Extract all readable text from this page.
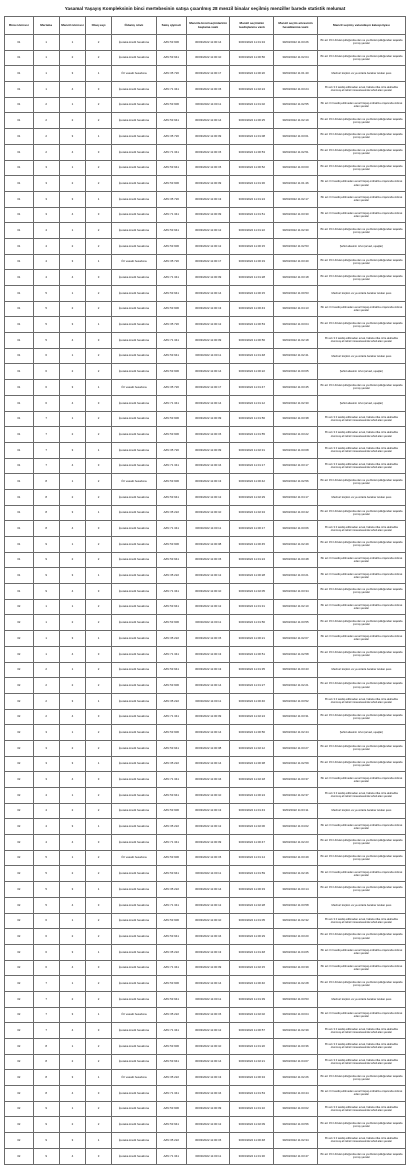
Yasamal Yaşayış Kompleksinin binci mərtəbəsinin satışa çıxarılmış 28 mənzil binalar seçilmiş mənzillər barədə statistik məlumat
Bina nömrəsi	Mərtəbə	Mənzil nömrəsi	Otaq sayı	Ödəniş növü	Satış qiyməti	Mənzilə bron/seçimlərinin başlama vaxtı	Mənzil seçiminin təsdiqlənmə vaxtı	Mənzil seçim ərizəsinin hesablanma vaxtı	Mənzil seçmiş vətəndaşın kateqoriyası
31	1	1	2	İpoteka kredit hesabına	AZN 53 906	30/03/2022 11:00:14	30/03/2022 11:01:34	30/03/2022 11:03:26	Ən azı 15 il dövlət qulluğunda olan və ya dövlət qulluğundan təqaüdə çıxmış şəxslər
31	1	2	2	İpoteka kredit hesabına	AZN 53 941	30/03/2022 11:00:10	30/03/2022 11:00:56	30/03/2022 11:02:04	Ən azı 15 il dövlət qulluğunda olan və ya dövlət qulluğundan təqaüdə çıxmış şəxslər
31	1	3	1	Öz vəsaiti hesabına	AZN 35 720	30/03/2022 11:00:17	30/03/2022 11:00:20	30/03/2022 11:01:40	Məcburi köçkün və ya onlarla bərabər tutulan şəxs
31	1	4	3	İpoteka kredit hesabına	AZN 71 341	30/03/2022 11:00:15	30/03/2022 11:02:24	30/03/2022 11:03:24	Ən azı 3 il təsdiq edilmədən əvvəl, habelə ölkə üzrə akkreditə olunmuş ali təhsil müəssisəsində təhsil alan şəxslər
31	2	1	2	İpoteka kredit hesabına	AZN 53 906	30/03/2022 11:00:11	30/03/2022 11:01:02	30/03/2022 11:02:55	Ən azı 3 il təsdiq edilmədən əvvəl hüquq-mühafizə orqanında xidmət edən şəxslər
31	2	2	2	İpoteka kredit hesabına	AZN 53 941	30/03/2022 11:00:14	30/03/2022 11:00:25	30/03/2022 11:02:19	Ən azı 15 il dövlət qulluğunda olan və ya dövlət qulluğundan təqaüdə çıxmış şəxslər
31	2	3	1	İpoteka kredit hesabına	AZN 35 720	30/03/2022 11:00:09	30/03/2022 11:01:08	30/03/2022 11:03:01	Ən azı 15 il dövlət qulluğunda olan və ya dövlət qulluğundan təqaüdə çıxmış şəxslər
31	2	4	3	İpoteka kredit hesabına	AZN 71 341	30/03/2022 11:00:15	30/03/2022 11:00:53	30/03/2022 11:02:51	Ən azı 15 il dövlət qulluğunda olan və ya dövlət qulluğundan təqaüdə çıxmış şəxslər
31	3	1	2	İpoteka kredit hesabına	AZN 53 941	30/03/2022 11:00:15	30/03/2022 11:00:52	30/03/2022 11:03:00	Ən azı 15 il dövlət qulluğunda olan və ya dövlət qulluğundan təqaüdə çıxmış şəxslər
31	3	2	2	İpoteka kredit hesabına	AZN 53 906	30/03/2022 11:00:09	30/03/2022 11:01:36	30/03/2022 11:01:46	Ən azı 3 il təsdiq edilmədən əvvəl hüquq-mühafizə orqanında xidmət edən şəxslər
31	3	3	1	İpoteka kredit hesabına	AZN 35 720	30/03/2022 11:00:13	30/03/2022 11:01:24	30/03/2022 11:02:17	Ən azı 3 il təsdiq edilmədən əvvəl hüquq-mühafizə orqanında xidmət edən şəxslər
31	3	4	3	İpoteka kredit hesabına	AZN 71 341	30/03/2022 11:00:09	30/03/2022 11:01:51	30/03/2022 11:03:30	Ən azı 3 il təsdiq edilmədən əvvəl hüquq-mühafizə orqanında xidmət edən şəxslər
31	4	1	2	İpoteka kredit hesabına	AZN 53 941	30/03/2022 11:00:12	30/03/2022 11:01:22	30/03/2022 11:02:30	Ən azı 15 il dövlət qulluğunda olan və ya dövlət qulluğundan təqaüdə çıxmış şəxslər
31	4	2	2	İpoteka kredit hesabına	AZN 53 906	30/03/2022 11:00:12	30/03/2022 11:00:15	30/03/2022 11:02:53	Şəhid ailəsinin üzvü (arvad, uşaqlar)
31	4	3	1	Öz vəsaiti hesabına	AZN 35 720	30/03/2022 11:00:17	30/03/2022 11:00:19	30/03/2022 11:03:40	Ən azı 15 il dövlət qulluğunda olan və ya dövlət qulluğundan təqaüdə çıxmış şəxslər
31	4	4	3	İpoteka kredit hesabına	AZN 71 341	30/03/2022 11:00:09	30/03/2022 11:01:28	30/03/2022 11:03:18	Ən azı 15 il dövlət qulluğunda olan və ya dövlət qulluğundan təqaüdə çıxmış şəxslər
31	5	1	2	İpoteka kredit hesabına	AZN 53 941	30/03/2022 11:00:14	30/03/2022 11:00:15	30/03/2022 11:00:53	Məcburi köçkün və ya onlarla bərabər tutulan şəxs
31	5	2	2	İpoteka kredit hesabına	AZN 53 906	30/03/2022 11:00:13	30/03/2022 11:00:43	30/03/2022 11:04:13	Ən azı 3 il təsdiq edilmədən əvvəl hüquq-mühafizə orqanında xidmət edən şəxslər
31	5	3	1	İpoteka kredit hesabına	AZN 35 720	30/03/2022 11:00:12	30/03/2022 11:00:53	30/03/2022 11:03:04	Ən azı 15 il dövlət qulluğunda olan və ya dövlət qulluğundan təqaüdə çıxmış şəxslər
31	5	4	3	İpoteka kredit hesabına	AZN 71 341	30/03/2022 11:00:09	30/03/2022 11:00:56	30/03/2022 11:02:18	Ən azı 3 il təsdiq edilmədən əvvəl, habelə ölkə üzrə akkreditə olunmuş ali təhsil müəssisəsində təhsil alan şəxslər
31	6	1	2	İpoteka kredit hesabına	AZN 53 941	30/03/2022 11:00:11	30/03/2022 11:01:48	30/03/2022 11:02:41	Məcburi köçkün və ya onlarla bərabər tutulan şəxs
31	6	2	2	İpoteka kredit hesabına	AZN 53 906	30/03/2022 11:00:14	30/03/2022 11:00:22	30/03/2022 11:03:05	Şəhid ailəsinin üzvü (arvad, uşaqlar)
31	6	3	1	Öz vəsaiti hesabına	AZN 35 720	30/03/2022 11:00:17	30/03/2022 11:01:47	30/03/2022 11:03:45	Ən azı 15 il dövlət qulluğunda olan və ya dövlət qulluğundan təqaüdə çıxmış şəxslər
31	6	4	3	İpoteka kredit hesabına	AZN 71 341	30/03/2022 11:00:14	30/03/2022 11:01:12	30/03/2022 11:02:30	Şəhid ailəsinin üzvü (arvad, uşaqlar)
31	7	1	2	İpoteka kredit hesabına	AZN 53 906	30/03/2022 11:00:09	30/03/2022 11:01:56	30/03/2022 11:03:38	Ən azı 3 il təsdiq edilmədən əvvəl, habelə ölkə üzrə akkreditə olunmuş ali təhsil müəssisəsində təhsil alan şəxslər
31	7	2	2	İpoteka kredit hesabına	AZN 53 906	30/03/2022 11:00:15	30/03/2022 11:01:55	30/03/2022 11:03:22	Ən azı 3 il təsdiq edilmədən əvvəl, habelə ölkə üzrə akkreditə olunmuş ali təhsil müəssisəsində təhsil alan şəxslər
31	7	3	1	İpoteka kredit hesabına	AZN 35 720	30/03/2022 11:00:09	30/03/2022 11:02:31	30/03/2022 11:03:08	Ən azı 3 il təsdiq edilmədən əvvəl, habelə ölkə üzrə akkreditə olunmuş ali təhsil müəssisəsində təhsil alan şəxslər
31	7	4	3	İpoteka kredit hesabına	AZN 71 341	30/03/2022 11:00:16	30/03/2022 11:01:17	30/03/2022 11:03:17	Ən azı 3 il təsdiq edilmədən əvvəl, habelə ölkə üzrə akkreditə olunmuş ali təhsil müəssisəsində təhsil alan şəxslər
31	8	1	2	Öz vəsaiti hesabına	AZN 53 906	30/03/2022 11:00:13	30/03/2022 11:00:42	30/03/2022 11:02:56	Ən azı 15 il dövlət qulluğunda olan və ya dövlət qulluğundan təqaüdə çıxmış şəxslər
31	8	2	2	İpoteka kredit hesabına	AZN 53 941	30/03/2022 11:00:12	30/03/2022 11:02:29	30/03/2022 11:04:17	Məcburi köçkün və ya onlarla bərabər tutulan şəxs
31	8	3	1	İpoteka kredit hesabına	AZN 35 222	30/03/2022 11:00:10	30/03/2022 11:02:34	30/03/2022 11:03:42	Ən azı 15 il dövlət qulluğunda olan və ya dövlət qulluğundan təqaüdə çıxmış şəxslər
31	8	4	3	İpoteka kredit hesabına	AZN 71 341	30/03/2022 11:00:11	30/03/2022 11:00:17	30/03/2022 11:03:06	Ən azı 3 il təsdiq edilmədən əvvəl, habelə ölkə üzrə akkreditə olunmuş ali təhsil müəssisəsində təhsil alan şəxslər
31	9	1	2	İpoteka kredit hesabına	AZN 53 906	30/03/2022 11:00:08	30/03/2022 11:00:45	30/03/2022 11:02:49	Ən azı 15 il dövlət qulluğunda olan və ya dövlət qulluğundan təqaüdə çıxmış şəxslər
31	9	2	2	İpoteka kredit hesabına	AZN 53 941	30/03/2022 11:00:15	30/03/2022 11:01:24	30/03/2022 11:03:48	Ən azı 3 il təsdiq edilmədən əvvəl hüquq-mühafizə orqanında xidmət edən şəxslər
31	9	3	1	İpoteka kredit hesabına	AZN 35 222	30/03/2022 11:00:12	30/03/2022 11:00:28	30/03/2022 11:03:21	Ən azı 3 il təsdiq edilmədən əvvəl hüquq-mühafizə orqanında xidmət edən şəxslər
31	9	4	3	İpoteka kredit hesabına	AZN 71 341	30/03/2022 11:00:10	30/03/2022 11:02:05	30/03/2022 11:03:34	Ən azı 15 il dövlət qulluğunda olan və ya dövlət qulluğundan təqaüdə çıxmış şəxslər
32	1	1	2	İpoteka kredit hesabına	AZN 53 941	30/03/2022 11:00:12	30/03/2022 11:01:31	30/03/2022 11:02:10	Ən azı 3 il təsdiq edilmədən əvvəl hüquq-mühafizə orqanında xidmət edən şəxslər
32	1	2	2	İpoteka kredit hesabına	AZN 53 906	30/03/2022 11:00:11	30/03/2022 11:01:56	30/03/2022 11:03:55	Ən azı 15 il dövlət qulluğunda olan və ya dövlət qulluğundan təqaüdə çıxmış şəxslər
32	1	3	1	İpoteka kredit hesabına	AZN 35 222	30/03/2022 11:00:15	30/03/2022 11:00:21	30/03/2022 11:02:07	Ən azı 3 il təsdiq edilmədən əvvəl hüquq-mühafizə orqanında xidmət edən şəxslər
32	1	4	3	İpoteka kredit hesabına	AZN 71 341	30/03/2022 11:00:13	30/03/2022 11:00:51	30/03/2022 11:02:58	Ən azı 15 il dövlət qulluğunda olan və ya dövlət qulluğundan təqaüdə çıxmış şəxslər
32	2	1	2	İpoteka kredit hesabına	AZN 53 941	30/03/2022 11:00:13	30/03/2022 11:01:35	30/03/2022 11:03:43	Məcburi köçkün və ya onlarla bərabər tutulan şəxs
32	2	2	2	İpoteka kredit hesabına	AZN 53 906	30/03/2022 11:00:14	30/03/2022 11:01:27	30/03/2022 11:02:21	Ən azı 15 il dövlət qulluğunda olan və ya dövlət qulluğundan təqaüdə çıxmış şəxslər
32	2	3	1	İpoteka kredit hesabına	AZN 35 222	30/03/2022 11:00:11	30/03/2022 11:00:46	30/03/2022 11:03:52	Ən azı 3 il təsdiq edilmədən əvvəl, habelə ölkə üzrə akkreditə olunmuş ali təhsil müəssisəsində təhsil alan şəxslər
32	2	4	3	İpoteka kredit hesabına	AZN 71 341	30/03/2022 11:00:09	30/03/2022 11:02:24	30/03/2022 11:03:31	Ən azı 15 il dövlət qulluğunda olan və ya dövlət qulluğundan təqaüdə çıxmış şəxslər
32	3	1	2	İpoteka kredit hesabına	AZN 53 906	30/03/2022 11:00:14	30/03/2022 11:00:56	30/03/2022 11:02:44	Şəhid ailəsinin üzvü (arvad, uşaqlar)
32	3	2	2	İpoteka kredit hesabına	AZN 53 941	30/03/2022 11:00:08	30/03/2022 11:02:12	30/03/2022 11:03:27	Ən azı 15 il dövlət qulluğunda olan və ya dövlət qulluğundan təqaüdə çıxmış şəxslər
32	3	3	1	İpoteka kredit hesabına	AZN 35 222	30/03/2022 11:00:14	30/03/2022 11:00:38	30/03/2022 11:02:59	Ən azı 15 il dövlət qulluğunda olan və ya dövlət qulluğundan təqaüdə çıxmış şəxslər
32	3	4	3	İpoteka kredit hesabına	AZN 71 341	30/03/2022 11:00:16	30/03/2022 11:02:18	30/03/2022 11:03:37	Ən azı 3 il təsdiq edilmədən əvvəl hüquq-mühafizə orqanında xidmət edən şəxslər
32	4	1	2	İpoteka kredit hesabına	AZN 53 941	30/03/2022 11:00:10	30/03/2022 11:00:24	30/03/2022 11:02:37	Ən azı 3 il təsdiq edilmədən əvvəl, habelə ölkə üzrə akkreditə olunmuş ali təhsil müəssisəsində təhsil alan şəxslər
32	4	2	2	İpoteka kredit hesabına	AZN 53 906	30/03/2022 11:00:13	30/03/2022 11:01:43	30/03/2022 11:03:11	Məcburi köçkün və ya onlarla bərabər tutulan şəxs
32	4	3	1	İpoteka kredit hesabına	AZN 35 222	30/03/2022 11:00:12	30/03/2022 11:02:06	30/03/2022 11:04:02	Ən azı 3 il təsdiq edilmədən əvvəl hüquq-mühafizə orqanında xidmət edən şəxslər
32	4	4	3	İpoteka kredit hesabına	AZN 71 341	30/03/2022 11:00:09	30/03/2022 11:00:47	30/03/2022 11:02:23	Ən azı 15 il dövlət qulluğunda olan və ya dövlət qulluğundan təqaüdə çıxmış şəxslər
32	5	1	2	Öz vəsaiti hesabına	AZN 53 906	30/03/2022 11:00:15	30/03/2022 11:01:14	30/03/2022 11:03:49	Ən azı 15 il dövlət qulluğunda olan və ya dövlət qulluğundan təqaüdə çıxmış şəxslər
32	5	2	2	İpoteka kredit hesabına	AZN 53 941	30/03/2022 11:00:11	30/03/2022 11:01:59	30/03/2022 11:02:46	Ən azı 3 il təsdiq edilmədən əvvəl hüquq-mühafizə orqanında xidmət edən şəxslər
32	5	3	1	İpoteka kredit hesabına	AZN 35 222	30/03/2022 11:00:14	30/03/2022 11:00:33	30/03/2022 11:03:14	Ən azı 15 il dövlət qulluğunda olan və ya dövlət qulluğundan təqaüdə çıxmış şəxslər
32	5	4	3	İpoteka kredit hesabına	AZN 71 341	30/03/2022 11:00:12	30/03/2022 11:02:28	30/03/2022 11:03:58	Məcburi köçkün və ya onlarla bərabər tutulan şəxs
32	6	1	2	İpoteka kredit hesabına	AZN 53 906	30/03/2022 11:00:10	30/03/2022 11:01:05	30/03/2022 11:02:32	Ən azı 3 il təsdiq edilmədən əvvəl, habelə ölkə üzrə akkreditə olunmuş ali təhsil müəssisəsində təhsil alan şəxslər
32	6	2	2	İpoteka kredit hesabına	AZN 53 941	30/03/2022 11:00:16	30/03/2022 11:00:29	30/03/2022 11:03:20	Ən azı 15 il dövlət qulluğunda olan və ya dövlət qulluğundan təqaüdə çıxmış şəxslər
32	6	3	1	İpoteka kredit hesabına	AZN 35 222	30/03/2022 11:00:13	30/03/2022 11:01:48	30/03/2022 11:04:05	Ən azı 3 il təsdiq edilmədən əvvəl hüquq-mühafizə orqanında xidmət edən şəxslər
32	6	4	3	İpoteka kredit hesabına	AZN 71 341	30/03/2022 11:00:09	30/03/2022 11:02:15	30/03/2022 11:03:39	Ən azı 3 il təsdiq edilmədən əvvəl hüquq-mühafizə orqanında xidmət edən şəxslər
32	7	1	2	İpoteka kredit hesabına	AZN 53 906	30/03/2022 11:00:14	30/03/2022 11:00:40	30/03/2022 11:02:28	Ən azı 15 il dövlət qulluğunda olan və ya dövlət qulluğundan təqaüdə çıxmış şəxslər
32	7	2	2	İpoteka kredit hesabına	AZN 53 941	30/03/2022 11:00:11	30/03/2022 11:01:39	30/03/2022 11:03:53	Məcburi köçkün və ya onlarla bərabər tutulan şəxs
32	7	3	1	Öz vəsaiti hesabına	AZN 35 222	30/03/2022 11:00:15	30/03/2022 11:02:02	30/03/2022 11:03:04	Ən azı 3 il təsdiq edilmədən əvvəl hüquq-mühafizə orqanında xidmət edən şəxslər
32	7	4	3	İpoteka kredit hesabına	AZN 71 341	30/03/2022 11:00:12	30/03/2022 11:00:57	30/03/2022 11:02:39	Ən azı 3 il təsdiq edilmədən əvvəl, habelə ölkə üzrə akkreditə olunmuş ali təhsil müəssisəsində təhsil alan şəxslər
32	8	1	2	İpoteka kredit hesabına	AZN 53 906	30/03/2022 11:00:10	30/03/2022 11:01:20	30/03/2022 11:03:36	Ən azı 3 il təsdiq edilmədən əvvəl, habelə ölkə üzrə akkreditə olunmuş ali təhsil müəssisəsində təhsil alan şəxslər
32	8	2	2	İpoteka kredit hesabına	AZN 53 941	30/03/2022 11:00:14	30/03/2022 11:02:21	30/03/2022 11:04:07	Ən azı 3 il təsdiq edilmədən əvvəl, habelə ölkə üzrə akkreditə olunmuş ali təhsil müəssisəsində təhsil alan şəxslər
32	8	3	1	Öz vəsaiti hesabına	AZN 35 222	30/03/2022 11:00:13	30/03/2022 11:00:34	30/03/2022 11:02:26	Ən azı 15 il dövlət qulluğunda olan və ya dövlət qulluğundan təqaüdə çıxmış şəxslər
32	8	4	3	İpoteka kredit hesabına	AZN 71 341	30/03/2022 11:00:16	30/03/2022 11:01:53	30/03/2022 11:03:44	Ən azı 3 il təsdiq edilmədən əvvəl hüquq-mühafizə orqanında xidmət edən şəxslər
32	9	1	2	İpoteka kredit hesabına	AZN 53 906	30/03/2022 11:00:09	30/03/2022 11:01:10	30/03/2022 11:03:02	Ən azı 3 il təsdiq edilmədən əvvəl, habelə ölkə üzrə akkreditə olunmuş ali təhsil müəssisəsində təhsil alan şəxslər
32	9	2	2	İpoteka kredit hesabına	AZN 53 941	30/03/2022 11:00:12	30/03/2022 11:02:09	30/03/2022 11:03:56	Ən azı 15 il dövlət qulluğunda olan və ya dövlət qulluğundan təqaüdə çıxmış şəxslər
32	9	3	1	İpoteka kredit hesabına	AZN 35 222	30/03/2022 11:00:15	30/03/2022 11:00:48	30/03/2022 11:02:34	Ən azı 3 il təsdiq edilmədən əvvəl, habelə ölkə üzrə akkreditə olunmuş ali təhsil müəssisəsində təhsil alan şəxslər
32	9	4	3	İpoteka kredit hesabına	AZN 71 341	30/03/2022 11:00:11	30/03/2022 11:01:30	30/03/2022 11:03:47	Ən azı 15 il dövlət qulluğunda olan və ya dövlət qulluğundan təqaüdə çıxmış şəxslər
